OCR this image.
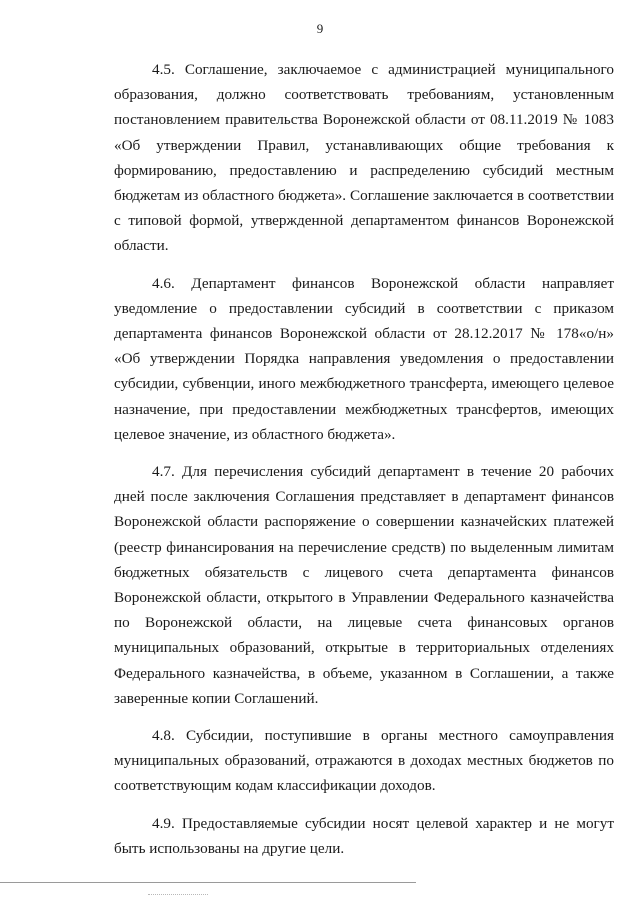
9

4.5. Соглашение, заключаемое с администрацией муниципального образования, должно соответствовать требованиям, установленным постановлением правительства Воронежской области от 08.11.2019 № 1083 «Об утверждении Правил, устанавливающих общие требования к формированию, предоставлению и распределению субсидий местным бюджетам из областного бюджета». Соглашение заключается в соответствии с типовой формой, утвержденной департаментом финансов Воронежской области.

4.6. Департамент финансов Воронежской области направляет уведомление о предоставлении субсидий в соответствии с приказом департамента финансов Воронежской области от 28.12.2017 № 178«о/н» «Об утверждении Порядка направления уведомления о предоставлении субсидии, субвенции, иного межбюджетного трансферта, имеющего целевое назначение, при предоставлении межбюджетных трансфертов, имеющих целевое значение, из областного бюджета».

4.7. Для перечисления субсидий департамент в течение 20 рабочих дней после заключения Соглашения представляет в департамент финансов Воронежской области распоряжение о совершении казначейских платежей (реестр финансирования на перечисление средств) по выделенным лимитам бюджетных обязательств с лицевого счета департамента финансов Воронежской области, открытого в Управлении Федерального казначейства по Воронежской области, на лицевые счета финансовых органов муниципальных образований, открытые в территориальных отделениях Федерального казначейства, в объеме, указанном в Соглашении, а также заверенные копии Соглашений.

4.8. Субсидии, поступившие в органы местного самоуправления муниципальных образований, отражаются в доходах местных бюджетов по соответствующим кодам классификации доходов.

4.9. Предоставляемые субсидии носят целевой характер и не могут быть использованы на другие цели.
